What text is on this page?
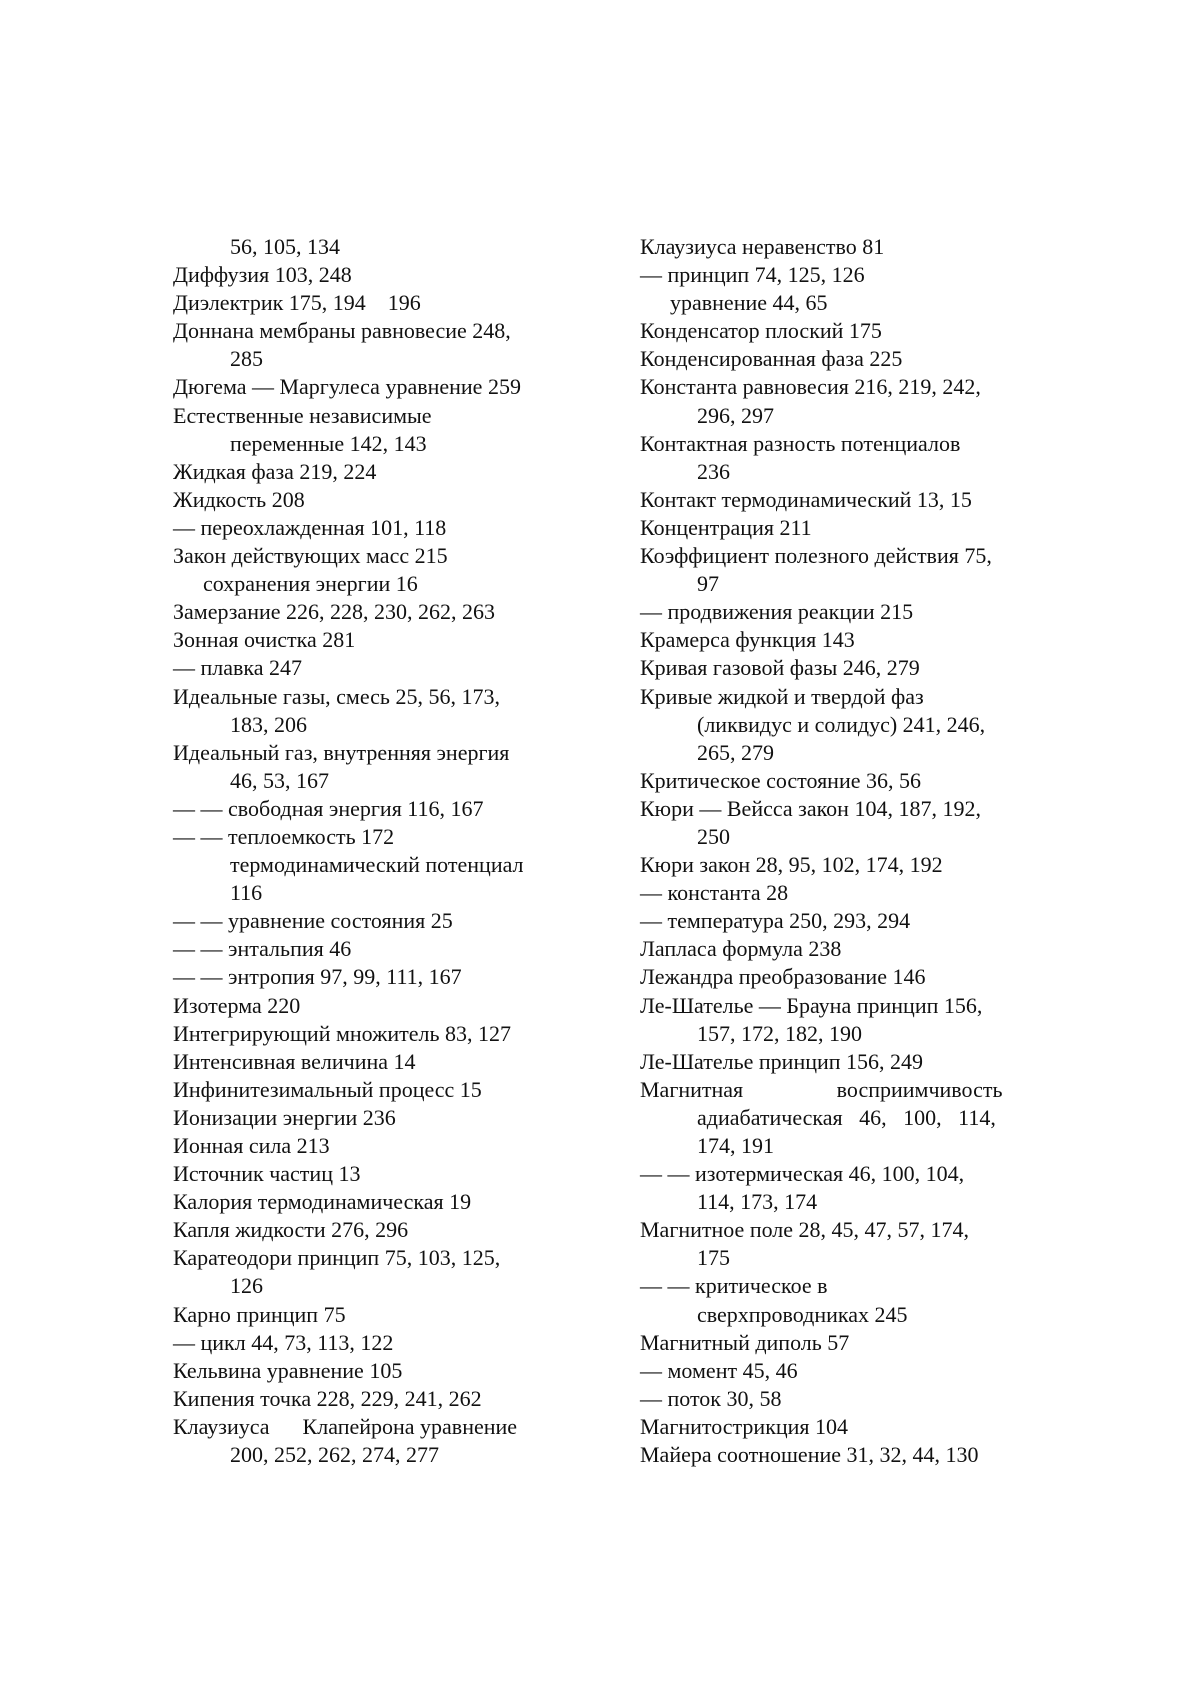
56, 105, 134
Диффузия 103, 248
Диэлектрик 175, 194    196
Доннана мембраны равновесие 248,
285
Дюгема — Маргулеса уравнение 259
Естественные независимые
переменные 142, 143
Жидкая фаза 219, 224
Жидкость 208
— переохлажденная 101, 118
Закон действующих масс 215
сохранения энергии 16
Замерзание 226, 228, 230, 262, 263
Зонная очистка 281
— плавка 247
Идеальные газы, смесь 25, 56, 173,
183, 206
Идеальный газ, внутренняя энергия
46, 53, 167
— — свободная энергия 116, 167
— — теплоемкость 172
термодинамический потенциал
116
— — уравнение состояния 25
— — энтальпия 46
— — энтропия 97, 99, 111, 167
Изотерма 220
Интегрирующий множитель 83, 127
Интенсивная величина 14
Инфинитезимальный процесс 15
Ионизации энергии 236
Ионная сила 213
Источник частиц 13
Калория термодинамическая 19
Капля жидкости 276, 296
Каратеодори принцип 75, 103, 125,
126
Карно принцип 75
— цикл 44, 73, 113, 122
Кельвина уравнение 105
Кипения точка 228, 229, 241, 262
Клаузиуса      Клапейрона уравнение
200, 252, 262, 274, 277
Клаузиуса неравенство 81
— принцип 74, 125, 126
уравнение 44, 65
Конденсатор плоский 175
Конденсированная фаза 225
Константа равновесия 216, 219, 242,
296, 297
Контактная разность потенциалов
236
Контакт термодинамический 13, 15
Концентрация 211
Коэффициент полезного действия 75,
97
— продвижения реакции 215
Крамерса функция 143
Кривая газовой фазы 246, 279
Кривые жидкой и твердой фаз
(ликвидус и солидус) 241, 246,
265, 279
Критическое состояние 36, 56
Кюри — Вейсса закон 104, 187, 192,
250
Кюри закон 28, 95, 102, 174, 192
— константа 28
— температура 250, 293, 294
Лапласа формула 238
Лежандра преобразование 146
Ле-Шателье — Брауна принцип 156,
157, 172, 182, 190
Ле-Шателье принцип 156, 249
Магнитная                 восприимчивость
адиабатическая   46,   100,   114,
174, 191
— — изотермическая 46, 100, 104,
114, 173, 174
Магнитное поле 28, 45, 47, 57, 174,
175
— — критическое в
сверхпроводниках 245
Магнитный диполь 57
— момент 45, 46
— поток 30, 58
Магнитострикция 104
Майера соотношение 31, 32, 44, 130
